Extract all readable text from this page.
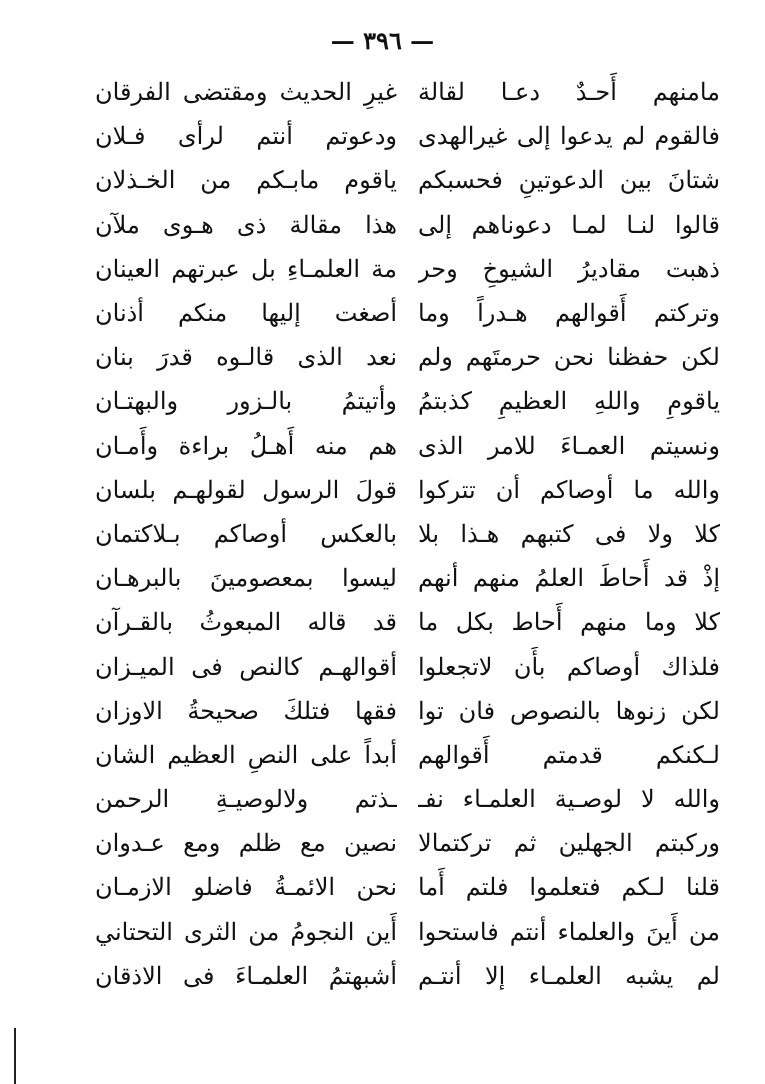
— ٣٩٦ —
مامنهم أَحـدٌ دعـا لقالة
غيرِ الحديث ومقتضى الفرقان
فالقوم لم يدعوا إلى غيرالهدى
ودعوتم أنتم لرأى فـلان
شتانَ بين الدعوتينِ فحسبكم
ياقوم مابـكم من الخـذلان
قالوا لنـا لمـا دعوناهم إلى
هذا مقالة ذى هـوى ملآن
ذهبت مقاديرُ الشيوخِ وحر
مة العلمـاءِ بل عبرتهم العينان
وتركتم أَقوالهم هـدراً وما
أصغت إليها منكم أذنان
لكن حفظنا نحن حرمتَهم ولم
نعد الذى قالـوه قدرَ بنان
ياقومِ واللهِ العظيمِ كذبتمُ
وأتيتمُ بالـزور والبهتـان
ونسيتم العمـاءَ للامر الذى
هم منه أَهـلُ براءة وأَمـان
والله ما أوصاكم أن تتركوا
قولَ الرسول لقولهـم بلسان
كلا ولا فى كتبهم هـذا بلا
بالعكس أوصاكم بـلاكتمان
إذْ قد أَحاطَ العلمُ منهم أنهم
ليسوا بمعصومينَ بالبرهـان
كلا وما منهم أَحاط بكل ما
قد قاله المبعوثُ بالقـرآن
فلذاك أوصاكم بأَن لاتجعلوا
أقوالهـم كالنص فى الميـزان
لكن زنوها بالنصوص فان توا
فقها فتلكَ صحيحةُ الاوزان
لـكنكم قدمتم أَقوالهم
أبداً على النصِ العظيم الشان
والله لا لوصـية العلمـاء نفـ
ـذتم ولالوصيـةِ الرحمن
وركبتم الجهلين ثم تركتمالا
نصين مع ظلم ومع عـدوان
قلنا لـكم فتعلموا فلتم أَما
نحن الائمـةُ فاضلو الازمـان
من أَينَ والعلماء أنتم فاستحوا
أَين النجومُ من الثرى التحتاني
لم يشبه العلمـاء إلا أنتـم
أشبهتمُ العلمـاءَ فى الاذقان
